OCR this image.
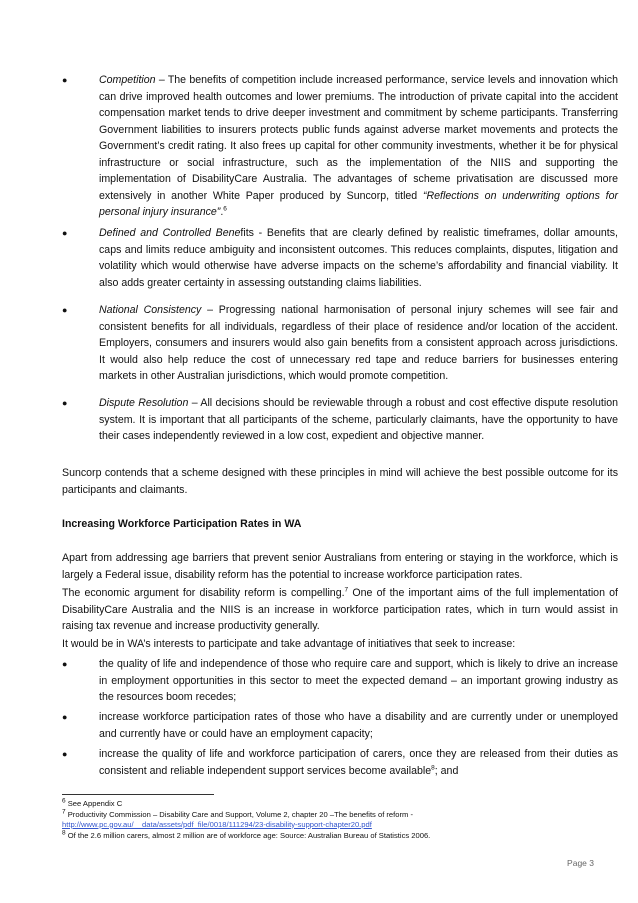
●	Competition – The benefits of competition include increased performance, service levels and innovation which can drive improved health outcomes and lower premiums. The introduction of private capital into the accident compensation market tends to drive deeper investment and commitment by scheme participants. Transferring Government liabilities to insurers protects public funds against adverse market movements and protects the Government’s credit rating. It also frees up capital for other community investments, whether it be for physical infrastructure or social infrastructure, such as the implementation of the NIIS and supporting the implementation of DisabilityCare Australia. The advantages of scheme privatisation are discussed more extensively in another White Paper produced by Suncorp, titled “Reflections on underwriting options for personal injury insurance”.$^6$

●	Defined and Controlled Benefits - Benefits that are clearly defined by realistic timeframes, dollar amounts, caps and limits reduce ambiguity and inconsistent outcomes. This reduces complaints, disputes, litigation and volatility which would otherwise have adverse impacts on the scheme’s affordability and financial viability. It also adds greater certainty in assessing outstanding claims liabilities.

●	National Consistency – Progressing national harmonisation of personal injury schemes will see fair and consistent benefits for all individuals, regardless of their place of residence and/or location of the accident. Employers, consumers and insurers would also gain benefits from a consistent approach across jurisdictions. It would also help reduce the cost of unnecessary red tape and reduce barriers for businesses entering markets in other Australian jurisdictions, which would promote competition.

●	Dispute Resolution – All decisions should be reviewable through a robust and cost effective dispute resolution system. It is important that all participants of the scheme, particularly claimants, have the opportunity to have their cases independently reviewed in a low cost, expedient and objective manner.

Suncorp contends that a scheme designed with these principles in mind will achieve the best possible outcome for its participants and claimants.

Increasing Workforce Participation Rates in WA

Apart from addressing age barriers that prevent senior Australians from entering or staying in the workforce, which is largely a Federal issue, disability reform has the potential to increase workforce participation rates.

The economic argument for disability reform is compelling.$^7$ One of the important aims of the full implementation of DisabilityCare Australia and the NIIS is an increase in workforce participation rates, which in turn would assist in raising tax revenue and increase productivity generally.

It would be in WA’s interests to participate and take advantage of initiatives that seek to increase:

●	the quality of life and independence of those who require care and support, which is likely to drive an increase in employment opportunities in this sector to meet the expected demand – an important growing industry as the resources boom recedes;

●	increase workforce participation rates of those who have a disability and are currently under or unemployed and currently have or could have an employment capacity;

●	increase the quality of life and workforce participation of carers, once they are released from their duties as consistent and reliable independent support services become available$^8$; and

$^6$ See Appendix C

$^7$ Productivity Commission – Disability Care and Support, Volume 2, chapter 20 –The benefits of reform -
http://www.pc.gov.au/__data/assets/pdf_file/0018/111294/23-disability-support-chapter20.pdf

$^8$ Of the 2.6 million carers, almost 2 million are of workforce age: Source: Australian Bureau of Statistics 2006.

Page 3
